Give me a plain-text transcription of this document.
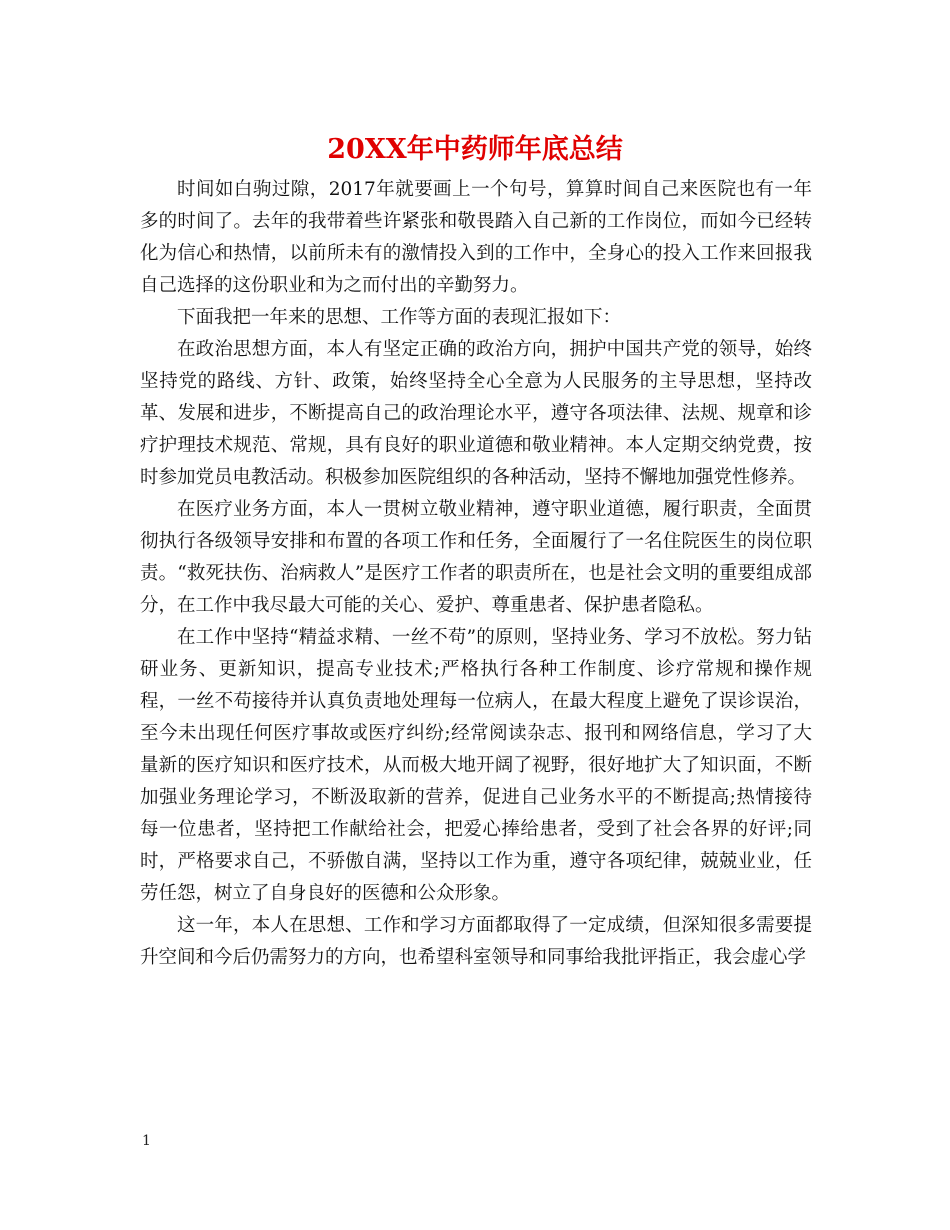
20XX年中药师年底总结

时间如白驹过隙，2017年就要画上一个句号，算算时间自己来医院也有一年多的时间了。去年的我带着些许紧张和敬畏踏入自己新的工作岗位，而如今已经转化为信心和热情，以前所未有的激情投入到的工作中，全身心的投入工作来回报我自己选择的这份职业和为之而付出的辛勤努力。

下面我把一年来的思想、工作等方面的表现汇报如下：

在政治思想方面，本人有坚定正确的政治方向，拥护中国共产党的领导，始终坚持党的路线、方针、政策，始终坚持全心全意为人民服务的主导思想，坚持改革、发展和进步，不断提高自己的政治理论水平，遵守各项法律、法规、规章和诊疗护理技术规范、常规，具有良好的职业道德和敬业精神。本人定期交纳党费，按时参加党员电教活动。积极参加医院组织的各种活动，坚持不懈地加强党性修养。

在医疗业务方面，本人一贯树立敬业精神，遵守职业道德，履行职责，全面贯彻执行各级领导安排和布置的各项工作和任务，全面履行了一名住院医生的岗位职责。“救死扶伤、治病救人”是医疗工作者的职责所在，也是社会文明的重要组成部分，在工作中我尽最大可能的关心、爱护、尊重患者、保护患者隐私。

在工作中坚持“精益求精、一丝不苟”的原则，坚持业务、学习不放松。努力钻研业务、更新知识，提高专业技术;严格执行各种工作制度、诊疗常规和操作规程，一丝不苟接待并认真负责地处理每一位病人，在最大程度上避免了误诊误治，至今未出现任何医疗事故或医疗纠纷;经常阅读杂志、报刊和网络信息，学习了大量新的医疗知识和医疗技术，从而极大地开阔了视野，很好地扩大了知识面，不断加强业务理论学习，不断汲取新的营养，促进自己业务水平的不断提高;热情接待每一位患者，坚持把工作献给社会，把爱心捧给患者，受到了社会各界的好评;同时，严格要求自己，不骄傲自满，坚持以工作为重，遵守各项纪律，兢兢业业，任劳任怨，树立了自身良好的医德和公众形象。

这一年，本人在思想、工作和学习方面都取得了一定成绩，但深知很多需要提升空间和今后仍需努力的方向，也希望科室领导和同事给我批评指正，我会虚心学

1
